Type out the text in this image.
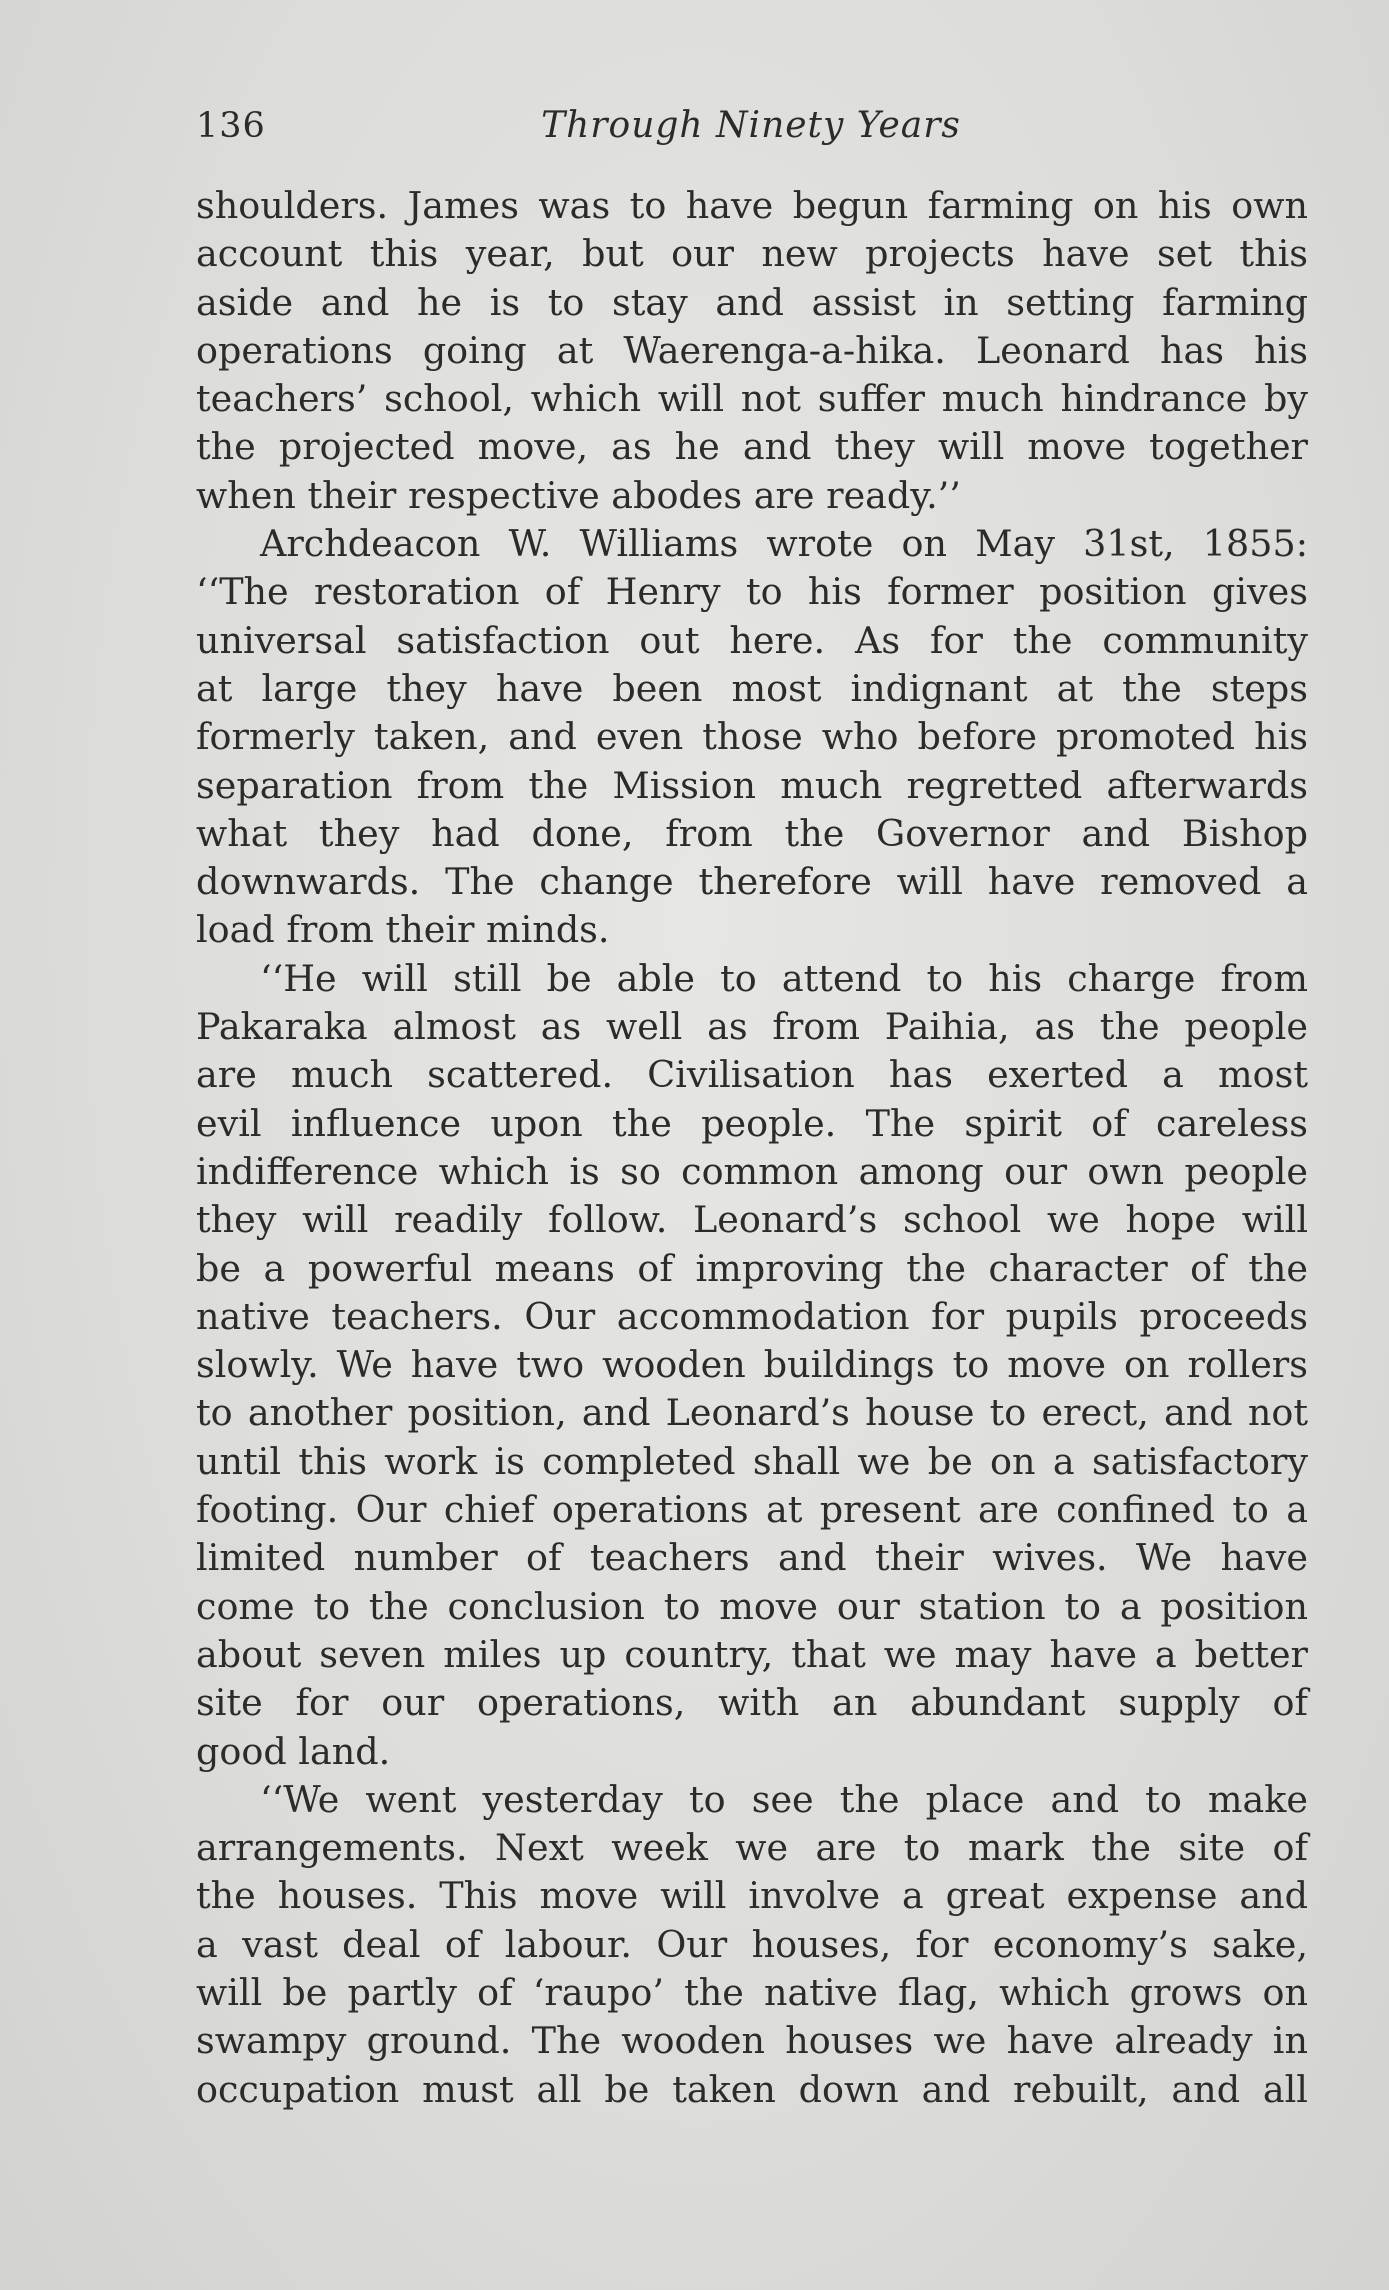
136	Through Ninety Years
shoulders. James was to have begun farming on his own
account this year, but our new projects have set this
aside and he is to stay and assist in setting farming
operations going at Waerenga-a-hika. Leonard has his
teachers’ school, which will not suffer much hindrance by
the projected move, as he and they will move together
when their respective abodes are ready.’’
Archdeacon W. Williams wrote on May 31st, 1855:
‘‘The restoration of Henry to his former position gives
universal satisfaction out here. As for the community
at large they have been most indignant at the steps
formerly taken, and even those who before promoted his
separation from the Mission much regretted afterwards
what they had done, from the Governor and Bishop
downwards. The change therefore will have removed a
load from their minds.
‘‘He will still be able to attend to his charge from
Pakaraka almost as well as from Paihia, as the people
are much scattered. Civilisation has exerted a most
evil influence upon the people. The spirit of careless
indifference which is so common among our own people
they will readily follow. Leonard’s school we hope will
be a powerful means of improving the character of the
native teachers. Our accommodation for pupils proceeds
slowly. We have two wooden buildings to move on rollers
to another position, and Leonard’s house to erect, and not
until this work is completed shall we be on a satisfactory
footing. Our chief operations at present are confined to a
limited number of teachers and their wives. We have
come to the conclusion to move our station to a position
about seven miles up country, that we may have a better
site for our operations, with an abundant supply of
good land.
‘‘We went yesterday to see the place and to make
arrangements. Next week we are to mark the site of
the houses. This move will involve a great expense and
a vast deal of labour. Our houses, for economy’s sake,
will be partly of ‘raupo’ the native flag, which grows on
swampy ground. The wooden houses we have already in
occupation must all be taken down and rebuilt, and all
